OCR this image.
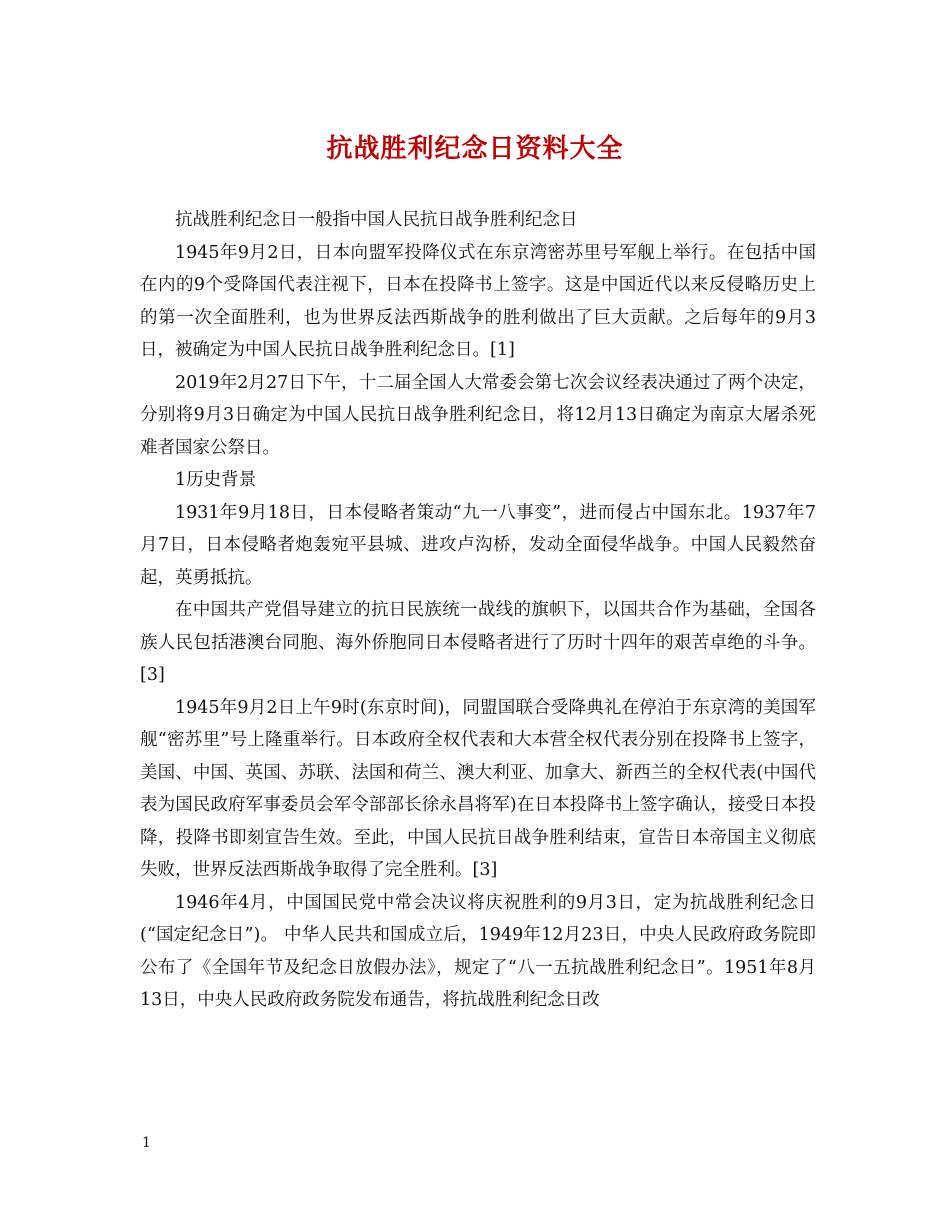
抗战胜利纪念日资料大全

抗战胜利纪念日一般指中国人民抗日战争胜利纪念日

1945年9月2日，日本向盟军投降仪式在东京湾密苏里号军舰上举行。在包括中国在内的9个受降国代表注视下，日本在投降书上签字。这是中国近代以来反侵略历史上的第一次全面胜利，也为世界反法西斯战争的胜利做出了巨大贡献。之后每年的9月3日，被确定为中国人民抗日战争胜利纪念日。[1]

2019年2月27日下午，十二届全国人大常委会第七次会议经表决通过了两个决定，分别将9月3日确定为中国人民抗日战争胜利纪念日，将12月13日确定为南京大屠杀死难者国家公祭日。

1历史背景

1931年9月18日，日本侵略者策动“九一八事变”，进而侵占中国东北。1937年7月7日，日本侵略者炮轰宛平县城、进攻卢沟桥，发动全面侵华战争。中国人民毅然奋起，英勇抵抗。

在中国共产党倡导建立的抗日民族统一战线的旗帜下，以国共合作为基础，全国各族人民包括港澳台同胞、海外侨胞同日本侵略者进行了历时十四年的艰苦卓绝的斗争。[3]

1945年9月2日上午9时(东京时间)，同盟国联合受降典礼在停泊于东京湾的美国军舰“密苏里”号上隆重举行。日本政府全权代表和大本营全权代表分别在投降书上签字，美国、中国、英国、苏联、法国和荷兰、澳大利亚、加拿大、新西兰的全权代表(中国代表为国民政府军事委员会军令部部长徐永昌将军)在日本投降书上签字确认，接受日本投降，投降书即刻宣告生效。至此，中国人民抗日战争胜利结束，宣告日本帝国主义彻底失败，世界反法西斯战争取得了完全胜利。[3]

1946年4月，中国国民党中常会决议将庆祝胜利的9月3日，定为抗战胜利纪念日(“国定纪念日”)。 中华人民共和国成立后，1949年12月23日，中央人民政府政务院即公布了《全国年节及纪念日放假办法》，规定了“八一五抗战胜利纪念日”。1951年8月13日，中央人民政府政务院发布通告，将抗战胜利纪念日改

1
